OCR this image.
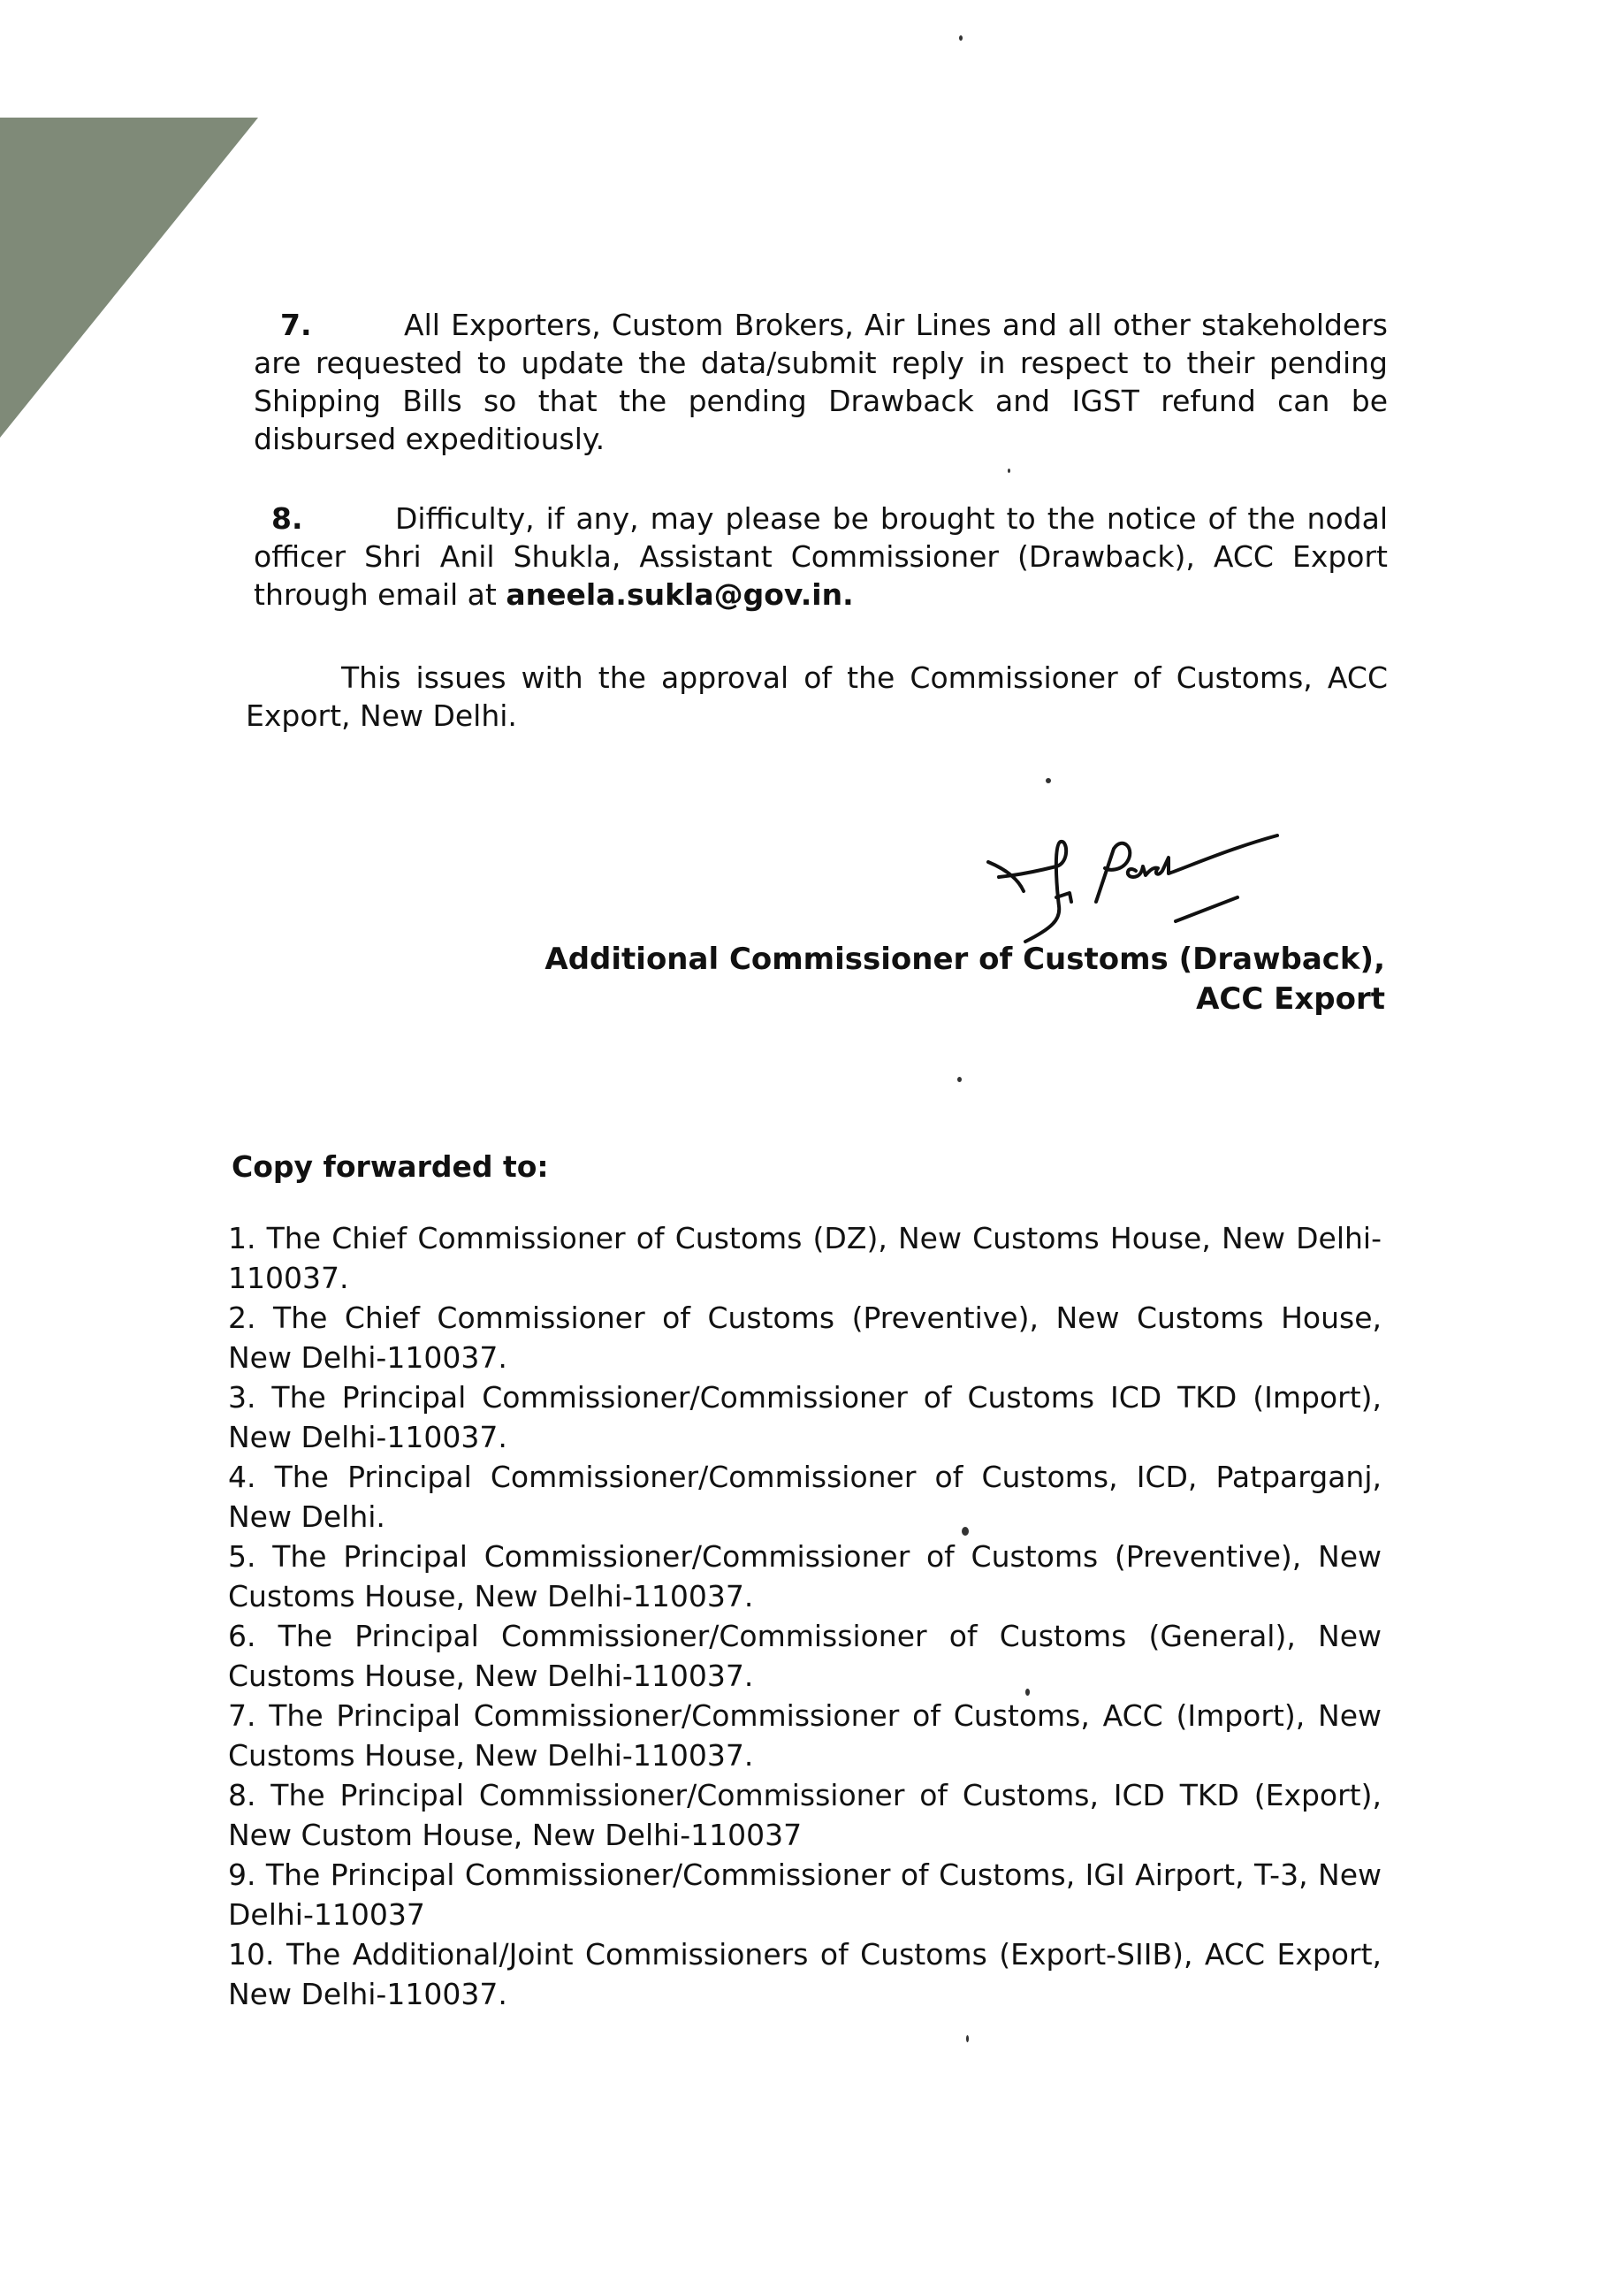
7.	All Exporters, Custom Brokers, Air Lines and all other stakeholders are requested to update the data/submit reply in respect to their pending Shipping Bills so that the pending Drawback and IGST refund can be disbursed expeditiously.
8.	Difficulty, if any, may please be brought to the notice of the nodal officer Shri Anil Shukla, Assistant Commissioner (Drawback), ACC Export through email at aneela.sukla@gov.in.
This issues with the approval of the Commissioner of Customs, ACC Export, New Delhi.
Additional Commissioner of Customs (Drawback),
ACC Export
Copy forwarded to:
1. The Chief Commissioner of Customs (DZ), New Customs House, New Delhi-110037.
2. The Chief Commissioner of Customs (Preventive), New Customs House, New Delhi-110037.
3. The Principal Commissioner/Commissioner of Customs ICD TKD (Import), New Delhi-110037.
4. The Principal Commissioner/Commissioner of Customs, ICD, Patparganj, New Delhi.
5. The Principal Commissioner/Commissioner of Customs (Preventive), New Customs House, New Delhi-110037.
6. The Principal Commissioner/Commissioner of Customs (General), New Customs House, New Delhi-110037.
7. The Principal Commissioner/Commissioner of Customs, ACC (Import), New Customs House, New Delhi-110037.
8. The Principal Commissioner/Commissioner of Customs, ICD TKD (Export), New Custom House, New Delhi-110037
9. The Principal Commissioner/Commissioner of Customs, IGI Airport, T-3, New Delhi-110037
10. The Additional/Joint Commissioners of Customs (Export-SIIB), ACC Export, New Delhi-110037.
